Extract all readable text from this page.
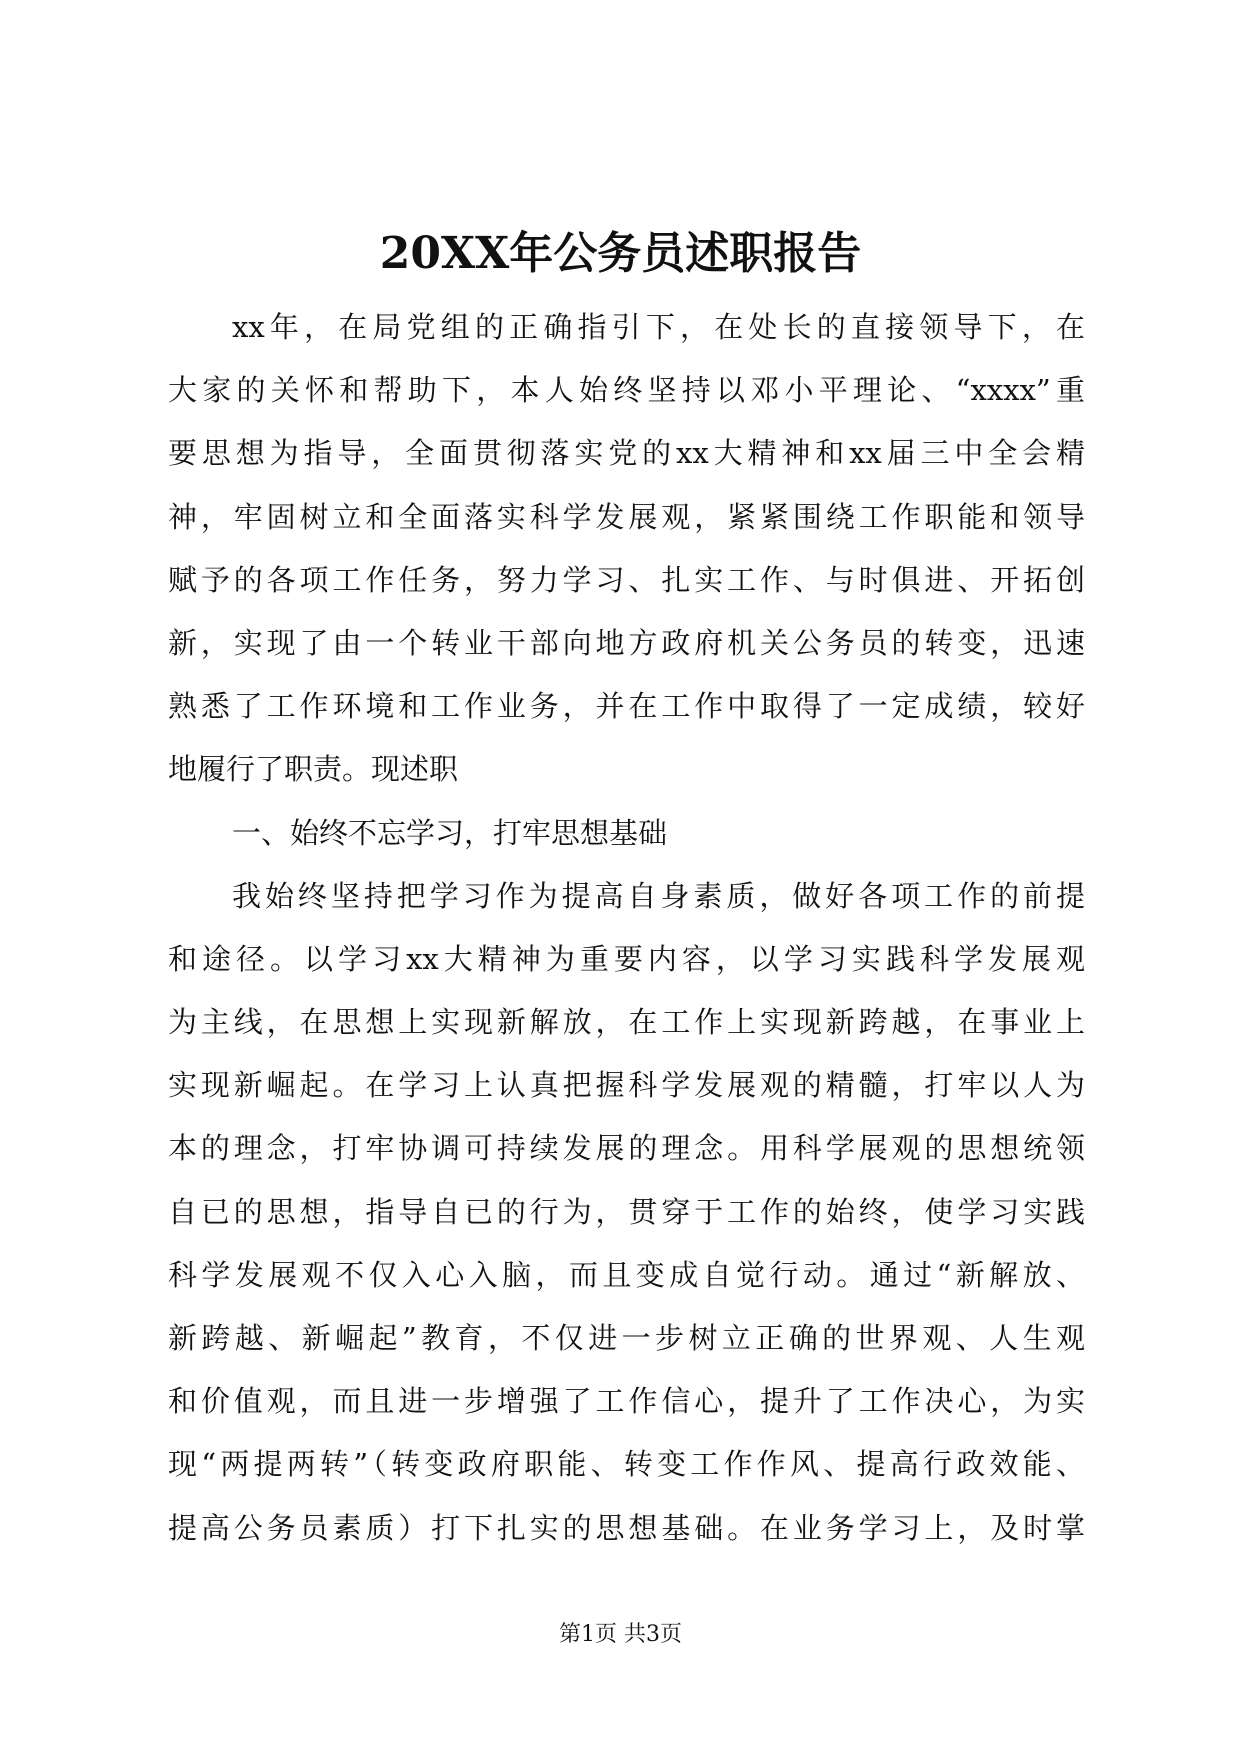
20XX年公务员述职报告
xx年，在局党组的正确指引下，在处长的直接领导下，在
大家的关怀和帮助下，本人始终坚持以邓小平理论、“xxxx”重
要思想为指导，全面贯彻落实党的xx大精神和xx届三中全会精
神，牢固树立和全面落实科学发展观，紧紧围绕工作职能和领导
赋予的各项工作任务，努力学习、扎实工作、与时俱进、开拓创
新，实现了由一个转业干部向地方政府机关公务员的转变，迅速
熟悉了工作环境和工作业务，并在工作中取得了一定成绩，较好
地履行了职责。现述职
一、始终不忘学习，打牢思想基础
我始终坚持把学习作为提高自身素质，做好各项工作的前提
和途径。以学习xx大精神为重要内容，以学习实践科学发展观
为主线，在思想上实现新解放，在工作上实现新跨越，在事业上
实现新崛起。在学习上认真把握科学发展观的精髓，打牢以人为
本的理念，打牢协调可持续发展的理念。用科学展观的思想统领
自已的思想，指导自已的行为，贯穿于工作的始终，使学习实践
科学发展观不仅入心入脑，而且变成自觉行动。通过“新解放、
新跨越、新崛起”教育，不仅进一步树立正确的世界观、人生观
和价值观，而且进一步增强了工作信心，提升了工作决心，为实
现“两提两转”（转变政府职能、转变工作作风、提高行政效能、
提高公务员素质）打下扎实的思想基础。在业务学习上，及时掌
第1页 共3页
